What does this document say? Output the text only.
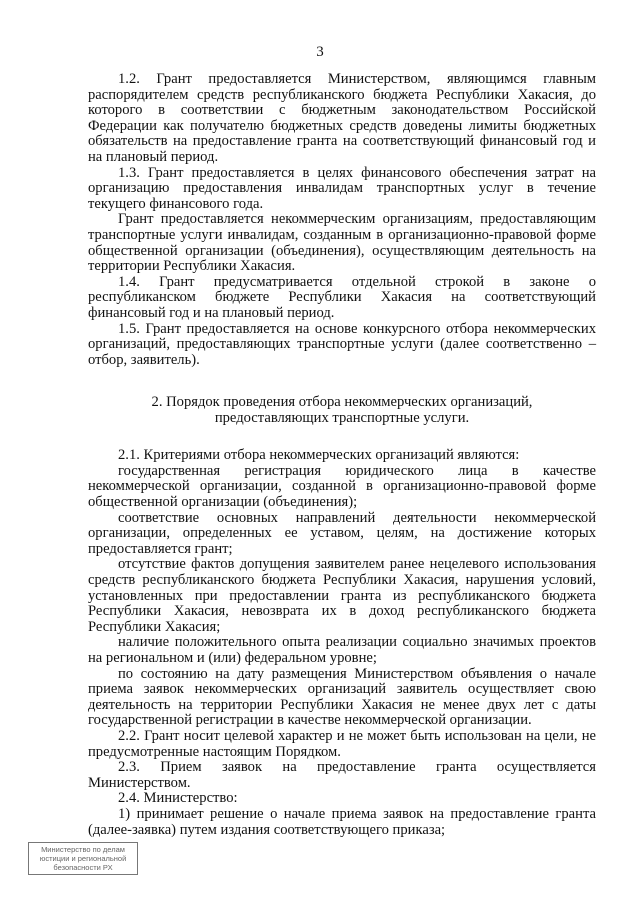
3

1.2. Грант предоставляется Министерством, являющимся главным распорядителем средств республиканского бюджета Республики Хакасия, до которого в соответствии с бюджетным законодательством Российской Федерации как получателю бюджетных средств доведены лимиты бюджетных обязательств на предоставление гранта на соответствующий финансовый год и на плановый период.

1.3. Грант предоставляется в целях финансового обеспечения затрат на организацию предоставления инвалидам транспортных услуг в течение текущего финансового года.

Грант предоставляется некоммерческим организациям, предоставляющим транспортные услуги инвалидам, созданным в организационно-правовой форме общественной организации (объединения), осуществляющим деятельность на территории Республики Хакасия.

1.4. Грант предусматривается отдельной строкой в законе о республиканском бюджете Республики Хакасия на соответствующий финансовый год и на плановый период.

1.5. Грант предоставляется на основе конкурсного отбора некоммерческих организаций, предоставляющих транспортные услуги (далее соответственно – отбор, заявитель).

2. Порядок проведения отбора некоммерческих организаций,
предоставляющих транспортные услуги.

2.1. Критериями отбора некоммерческих организаций являются:

государственная регистрация юридического лица в качестве некоммерческой организации, созданной в организационно-правовой форме общественной организации (объединения);

соответствие основных направлений деятельности некоммерческой организации, определенных ее уставом, целям, на достижение которых предоставляется грант;

отсутствие фактов допущения заявителем ранее нецелевого использования средств республиканского бюджета Республики Хакасия, нарушения условий, установленных при предоставлении гранта из республиканского бюджета Республики Хакасия, невозврата их в доход республиканского бюджета Республики Хакасия;

наличие положительного опыта реализации социально значимых проектов на региональном и (или) федеральном уровне;

по состоянию на дату размещения Министерством объявления о начале приема заявок некоммерческих организаций заявитель осуществляет свою деятельность на территории Республики Хакасия не менее двух лет с даты государственной регистрации в качестве некоммерческой организации.

2.2. Грант носит целевой характер и не может быть использован на цели, не предусмотренные настоящим Порядком.

2.3. Прием заявок на предоставление гранта осуществляется Министерством.

2.4. Министерство:

1) принимает решение о начале приема заявок на предоставление гранта (далее-заявка) путем издания соответствующего приказа;

Министерство по делам
юстиции и региональной
безопасности РХ
